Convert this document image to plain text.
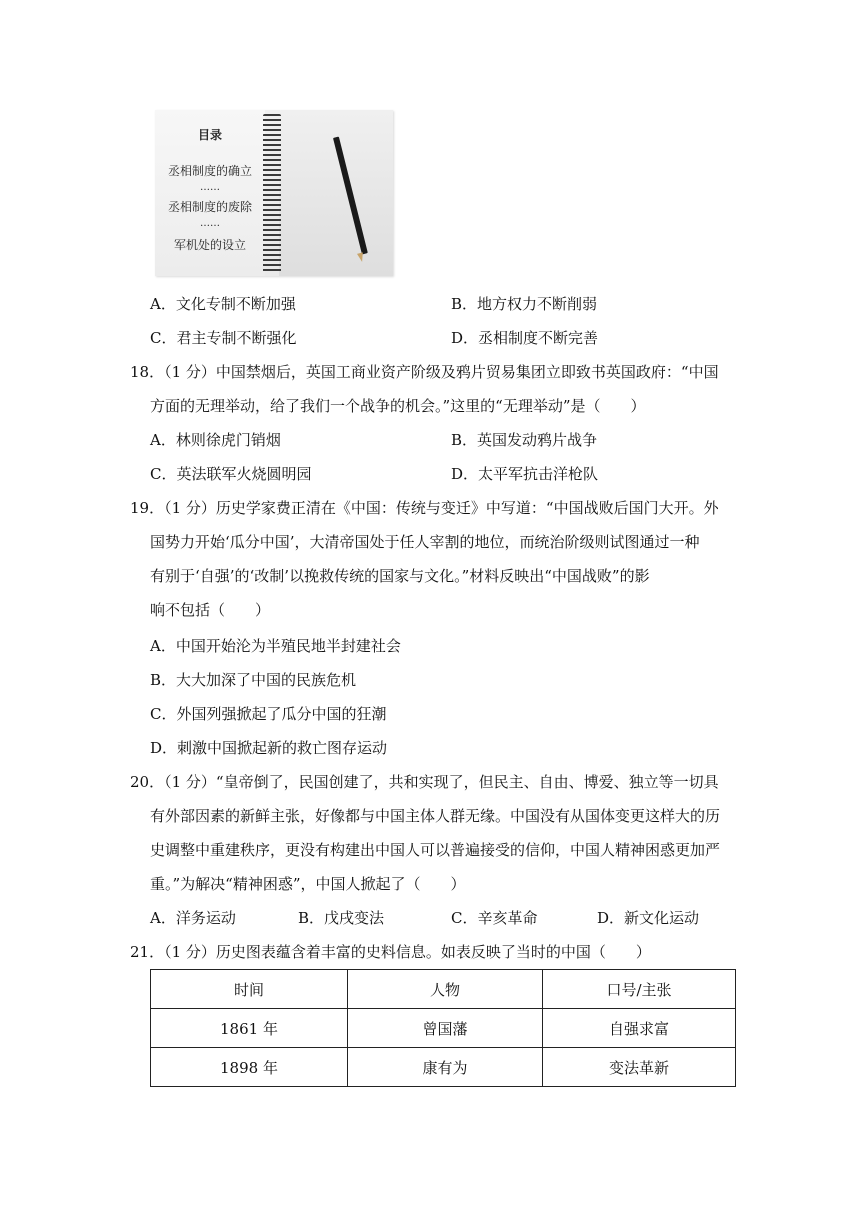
目录
丞相制度的确立
……
丞相制度的废除
……
军机处的设立
A．文化专制不断加强	B．地方权力不断削弱
C．君主专制不断强化	D．丞相制度不断完善
18．（1 分）中国禁烟后，英国工商业资产阶级及鸦片贸易集团立即致书英国政府：“中国
方面的无理举动，给了我们一个战争的机会。”这里的“无理举动”是（　　）
A．林则徐虎门销烟	B．英国发动鸦片战争
C．英法联军火烧圆明园	D．太平军抗击洋枪队
19．（1 分）历史学家费正清在《中国：传统与变迁》中写道：“中国战败后国门大开。外
国势力开始‘瓜分中国’，大清帝国处于任人宰割的地位，而统治阶级则试图通过一种
有别于‘自强’的‘改制’以挽救传统的国家与文化。”材料反映出“中国战败”的影
响不包括（　　）
A．中国开始沦为半殖民地半封建社会
B．大大加深了中国的民族危机
C．外国列强掀起了瓜分中国的狂潮
D．刺激中国掀起新的救亡图存运动
20．（1 分）“皇帝倒了，民国创建了，共和实现了，但民主、自由、博爱、独立等一切具
有外部因素的新鲜主张，好像都与中国主体人群无缘。中国没有从国体变更这样大的历
史调整中重建秩序，更没有构建出中国人可以普遍接受的信仰，中国人精神困惑更加严
重。”为解决“精神困惑”，中国人掀起了（　　）
A．洋务运动	B．戊戌变法	C．辛亥革命	D．新文化运动
21．（1 分）历史图表蕴含着丰富的史料信息。如表反映了当时的中国（　　）
时间	人物	口号/主张
1861 年	曾国藩	自强求富
1898 年	康有为	变法革新
